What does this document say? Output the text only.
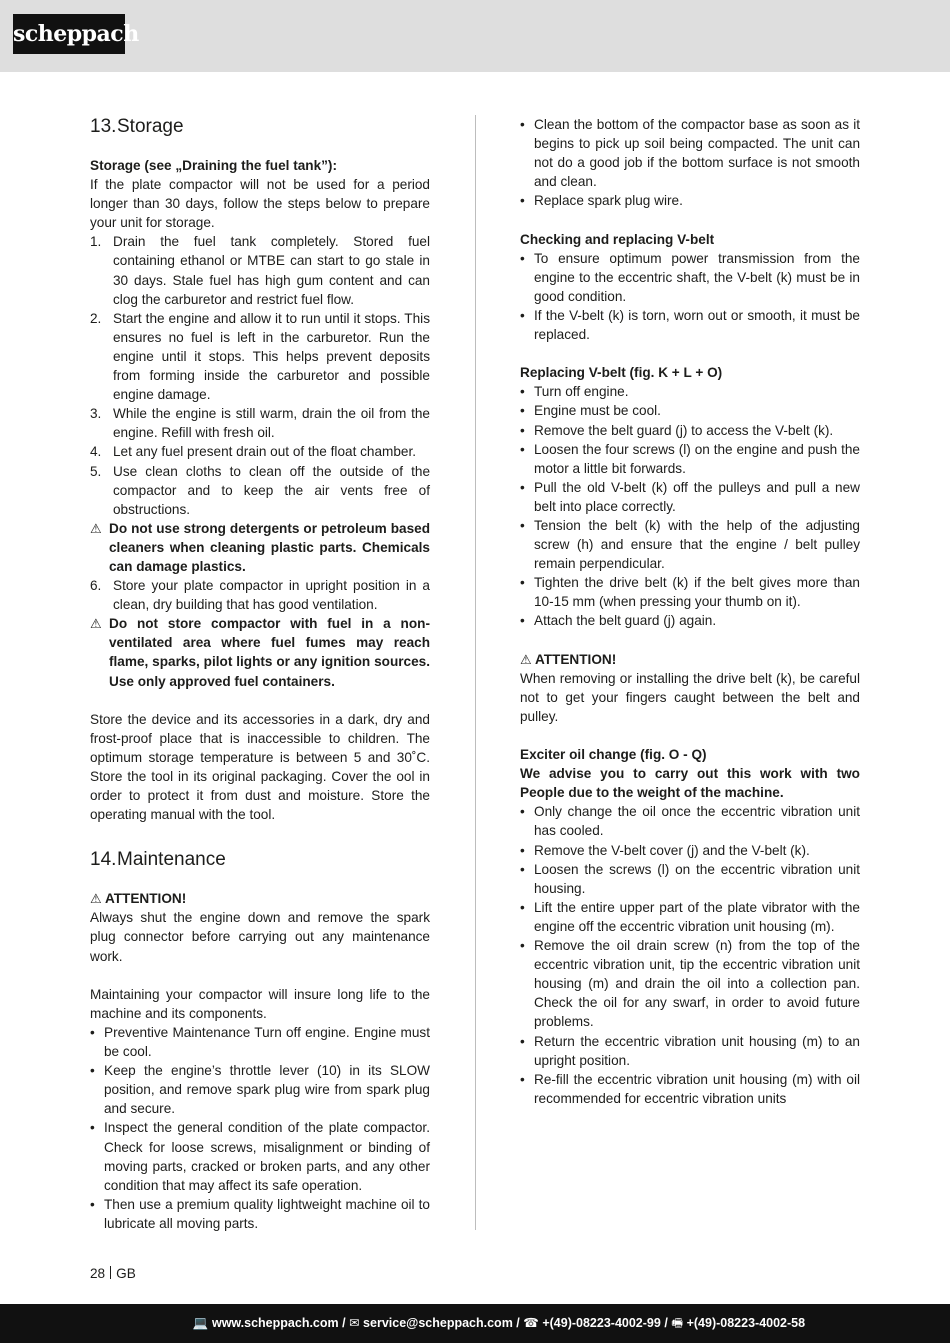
scheppach
13. Storage

Storage (see „Draining the fuel tank”):

If the plate compactor will not be used for a period longer than 30 days, follow the steps below to prepare your unit for storage.

1. Drain the fuel tank completely. Stored fuel containing ethanol or MTBE can start to go stale in 30 days. Stale fuel has high gum content and can clog the carburetor and restrict fuel flow.
2. Start the engine and allow it to run until it stops. This ensures no fuel is left in the carburetor. Run the engine until it stops. This helps prevent deposits from forming inside the carburetor and possible engine damage.
3. While the engine is still warm, drain the oil from the engine. Refill with fresh oil.
4. Let any fuel present drain out of the float chamber.
5. Use clean cloths to clean off the outside of the compactor and to keep the air vents free of obstructions.
⚠ Do not use strong detergents or petroleum based cleaners when cleaning plastic parts. Chemicals can damage plastics.
6. Store your plate compactor in upright position in a clean, dry building that has good ventilation.
⚠ Do not store compactor with fuel in a non-ventilated area where fuel fumes may reach flame, sparks, pilot lights or any ignition sources. Use only approved fuel containers.

Store the device and its accessories in a dark, dry and frost-proof place that is inaccessible to children. The optimum storage temperature is between 5 and 30˚C. Store the tool in its original packaging. Cover the ool in order to protect it from dust and moisture. Store the operating manual with the tool.

14. Maintenance

⚠ ATTENTION!

Always shut the engine down and remove the spark plug connector before carrying out any maintenance work.

Maintaining your compactor will insure long life to the machine and its components.

• Preventive Maintenance Turn off engine. Engine must be cool.
• Keep the engine’s throttle lever (10) in its SLOW position, and remove spark plug wire from spark plug and secure.
• Inspect the general condition of the plate compactor. Check for loose screws, misalignment or binding of moving parts, cracked or broken parts, and any other condition that may affect its safe operation.
• Then use a premium quality lightweight machine oil to lubricate all moving parts.
• Clean the bottom of the compactor base as soon as it begins to pick up soil being compacted. The unit can not do a good job if the bottom surface is not smooth and clean.
• Replace spark plug wire.

Checking and replacing V-belt

• To ensure optimum power transmission from the engine to the eccentric shaft, the V-belt (k) must be in good condition.
• If the V-belt (k) is torn, worn out or smooth, it must be replaced.

Replacing V-belt (fig. K + L + O)

• Turn off engine.
• Engine must be cool.
• Remove the belt guard (j) to access the V-belt (k).
• Loosen the four screws (l) on the engine and push the motor a little bit forwards.
• Pull the old V-belt (k) off the pulleys and pull a new belt into place correctly.
• Tension the belt (k) with the help of the adjusting screw (h) and ensure that the engine / belt pulley remain perpendicular.
• Tighten the drive belt (k) if the belt gives more than 10-15 mm (when pressing your thumb on it).
• Attach the belt guard (j) again.

⚠ ATTENTION!

When removing or installing the drive belt (k), be careful not to get your fingers caught between the belt and pulley.

Exciter oil change (fig. O - Q)

We advise you to carry out this work with two People due to the weight of the machine.

• Only change the oil once the eccentric vibration unit has cooled.
• Remove the V-belt cover (j) and the V-belt (k).
• Loosen the screws (l) on the eccentric vibration unit housing.
• Lift the entire upper part of the plate vibrator with the engine off the eccentric vibration unit housing (m).
• Remove the oil drain screw (n) from the top of the eccentric vibration unit, tip the eccentric vibration unit housing (m) and drain the oil into a collection pan. Check the oil for any swarf, in order to avoid future problems.
• Return the eccentric vibration unit housing (m) to an upright position.
• Re-fill the eccentric vibration unit housing (m) with oil recommended for eccentric vibration units
28 GB
💻 www.scheppach.com / ✉ service@scheppach.com / ☎ +(49)-08223-4002-99 / 🖷 +(49)-08223-4002-58
